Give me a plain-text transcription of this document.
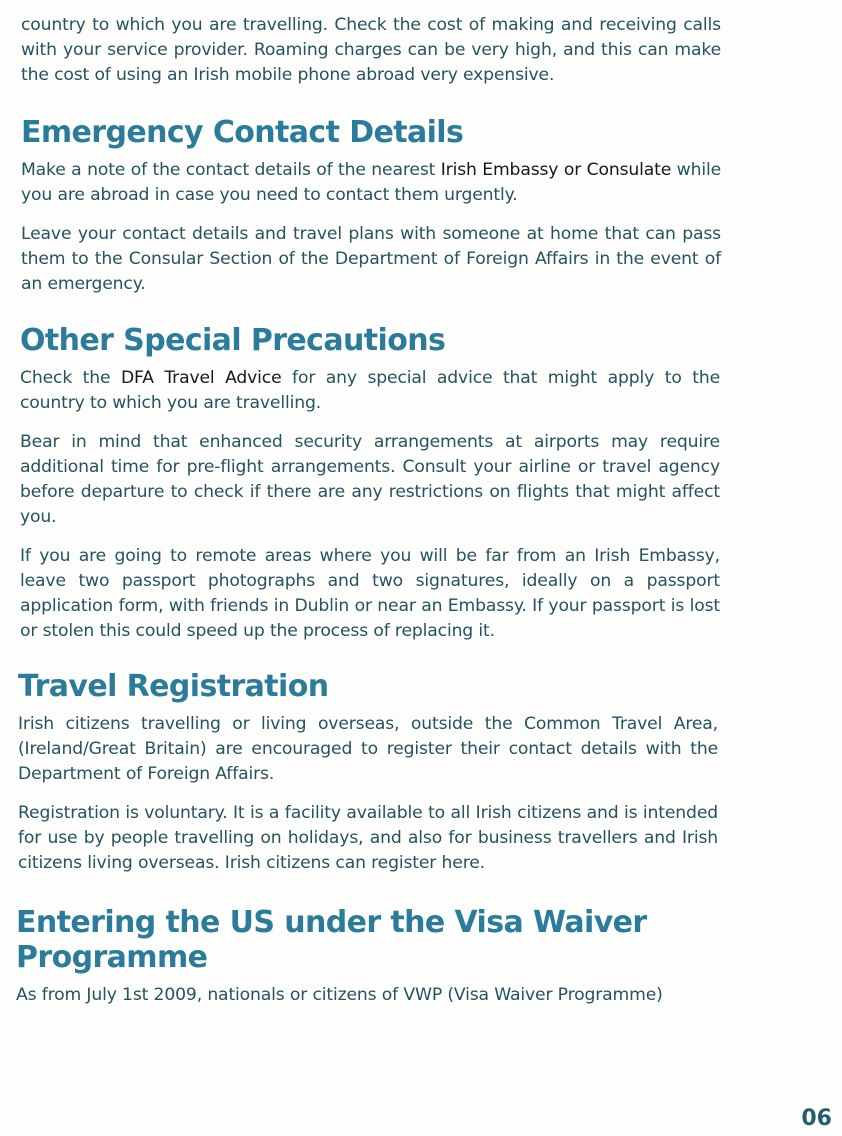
country to which you are travelling. Check the cost of making and receiving calls with your service provider. Roaming charges can be very high, and this can make the cost of using an Irish mobile phone abroad very expensive.

Emergency Contact Details

Make a note of the contact details of the nearest Irish Embassy or Consulate while you are abroad in case you need to contact them urgently.

Leave your contact details and travel plans with someone at home that can pass them to the Consular Section of the Department of Foreign Affairs in the event of an emergency.

Other Special Precautions

Check the DFA Travel Advice for any special advice that might apply to the country to which you are travelling.

Bear in mind that enhanced security arrangements at airports may require additional time for pre-flight arrangements. Consult your airline or travel agency before departure to check if there are any restrictions on flights that might affect you.

If you are going to remote areas where you will be far from an Irish Embassy, leave two passport photographs and two signatures, ideally on a passport application form, with friends in Dublin or near an Embassy. If your passport is lost or stolen this could speed up the process of replacing it.

Travel Registration

Irish citizens travelling or living overseas, outside the Common Travel Area, (Ireland/Great Britain) are encouraged to register their contact details with the Department of Foreign Affairs.

Registration is voluntary. It is a facility available to all Irish citizens and is intended for use by people travelling on holidays, and also for business travellers and Irish citizens living overseas. Irish citizens can register here.

Entering the US under the Visa Waiver Programme

As from July 1st 2009, nationals or citizens of VWP (Visa Waiver Programme)

06
